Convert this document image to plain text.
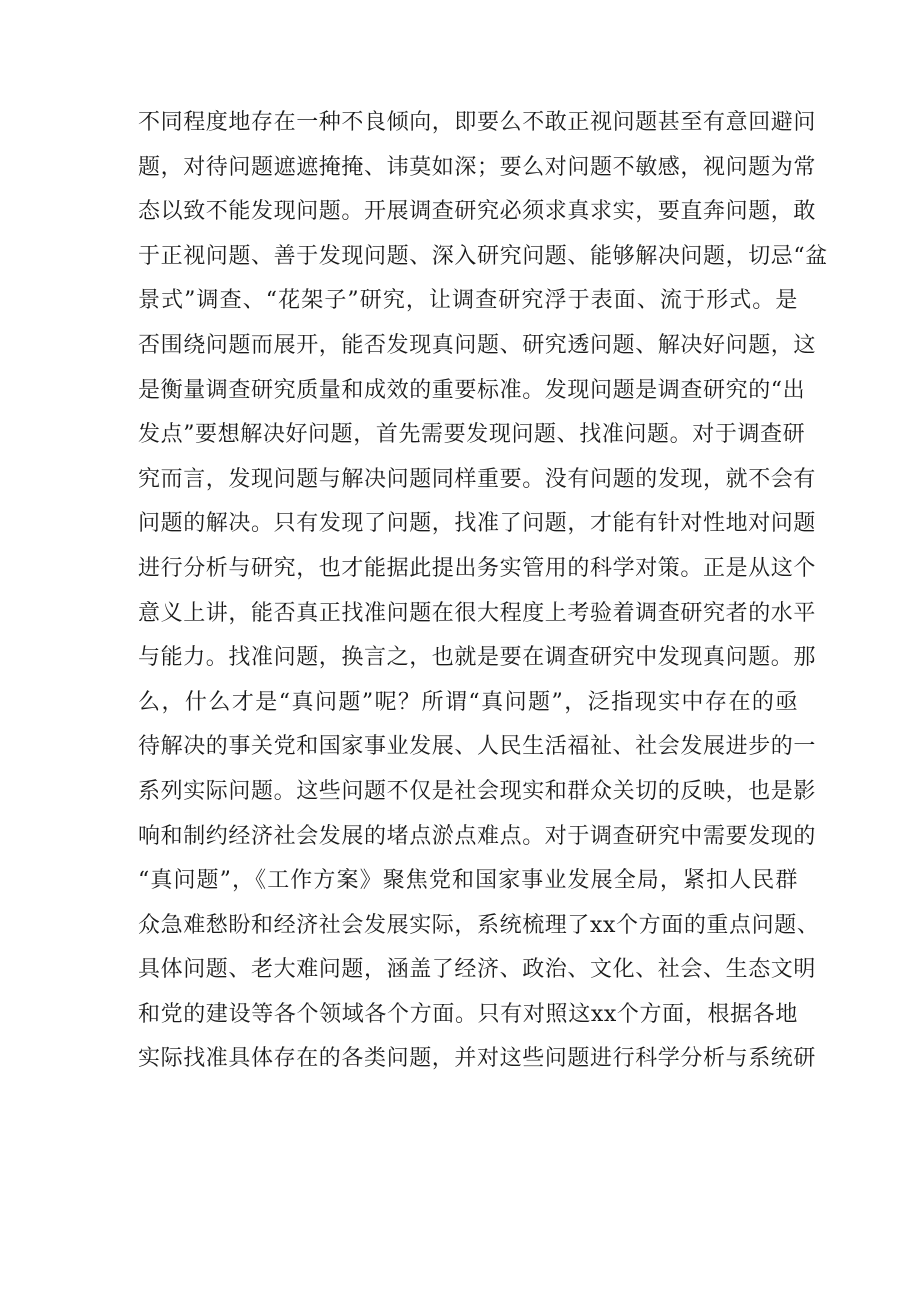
不同程度地存在一种不良倾向，即要么不敢正视问题甚至有意回避问
题，对待问题遮遮掩掩、讳莫如深；要么对问题不敏感，视问题为常
态以致不能发现问题。开展调查研究必须求真求实，要直奔问题，敢
于正视问题、善于发现问题、深入研究问题、能够解决问题，切忌“盆
景式”调查、“花架子”研究，让调查研究浮于表面、流于形式。是
否围绕问题而展开，能否发现真问题、研究透问题、解决好问题，这
是衡量调查研究质量和成效的重要标准。发现问题是调查研究的“出
发点”要想解决好问题，首先需要发现问题、找准问题。对于调查研
究而言，发现问题与解决问题同样重要。没有问题的发现，就不会有
问题的解决。只有发现了问题，找准了问题，才能有针对性地对问题
进行分析与研究，也才能据此提出务实管用的科学对策。正是从这个
意义上讲，能否真正找准问题在很大程度上考验着调查研究者的水平
与能力。找准问题，换言之，也就是要在调查研究中发现真问题。那
么，什么才是“真问题”呢？所谓“真问题”，泛指现实中存在的亟
待解决的事关党和国家事业发展、人民生活福祉、社会发展进步的一
系列实际问题。这些问题不仅是社会现实和群众关切的反映，也是影
响和制约经济社会发展的堵点淤点难点。对于调查研究中需要发现的
“真问题”，《工作方案》聚焦党和国家事业发展全局，紧扣人民群
众急难愁盼和经济社会发展实际，系统梳理了xx个方面的重点问题、
具体问题、老大难问题，涵盖了经济、政治、文化、社会、生态文明
和党的建设等各个领域各个方面。只有对照这xx个方面，根据各地
实际找准具体存在的各类问题，并对这些问题进行科学分析与系统研
